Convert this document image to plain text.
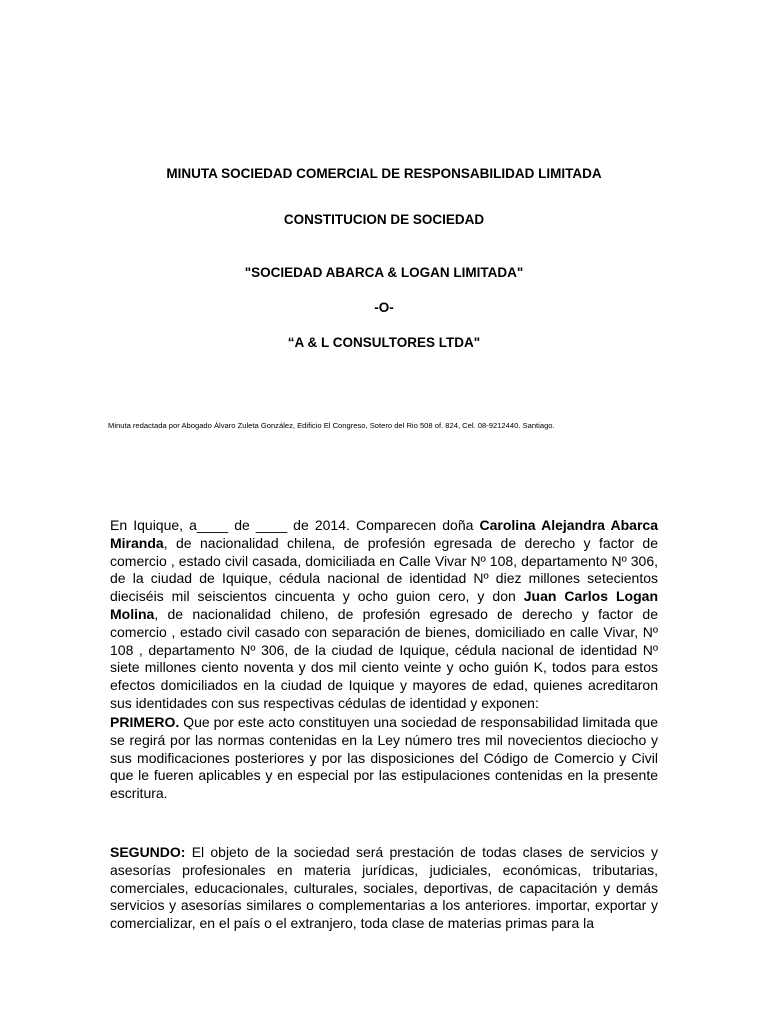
MINUTA SOCIEDAD COMERCIAL DE RESPONSABILIDAD LIMITADA

CONSTITUCION DE SOCIEDAD

"SOCIEDAD ABARCA & LOGAN LIMITADA"

-O-

“A & L CONSULTORES LTDA"

Minuta redactada por Abogado Álvaro Zuleta González, Edificio El Congreso, Sotero del Rio 508 of. 824, Cel. 08-9212440. Santiago.

En Iquique, a____ de ____ de 2014. Comparecen doña Carolina Alejandra Abarca Miranda, de nacionalidad chilena, de profesión egresada de derecho y factor de comercio , estado civil casada, domiciliada en Calle Vivar Nº 108, departamento Nº 306, de la ciudad de Iquique, cédula nacional de identidad Nº diez millones setecientos dieciséis mil seiscientos cincuenta y ocho guion cero, y don Juan Carlos Logan Molina, de nacionalidad chileno, de profesión egresado de derecho y factor de comercio , estado civil casado con separación de bienes, domiciliado en calle Vivar, Nº 108 , departamento Nº 306, de la ciudad de Iquique, cédula nacional de identidad Nº siete millones ciento noventa y dos mil ciento veinte y ocho guión K, todos para estos efectos domiciliados en la ciudad de Iquique y mayores de edad, quienes acreditaron sus identidades con sus respectivas cédulas de identidad y exponen:

PRIMERO. Que por este acto constituyen una sociedad de responsabilidad limitada que se regirá por las normas contenidas en la Ley número tres mil novecientos dieciocho y sus modificaciones posteriores y por las disposiciones del Código de Comercio y Civil que le fueren aplicables y en especial por las estipulaciones contenidas en la presente escritura.

SEGUNDO: El objeto de la sociedad será prestación de todas clases de servicios y asesorías profesionales en materia jurídicas, judiciales, económicas, tributarias, comerciales, educacionales, culturales, sociales, deportivas, de capacitación y demás servicios y asesorías similares o complementarias a los anteriores. importar, exportar y comercializar, en el país o el extranjero, toda clase de materias primas para la
